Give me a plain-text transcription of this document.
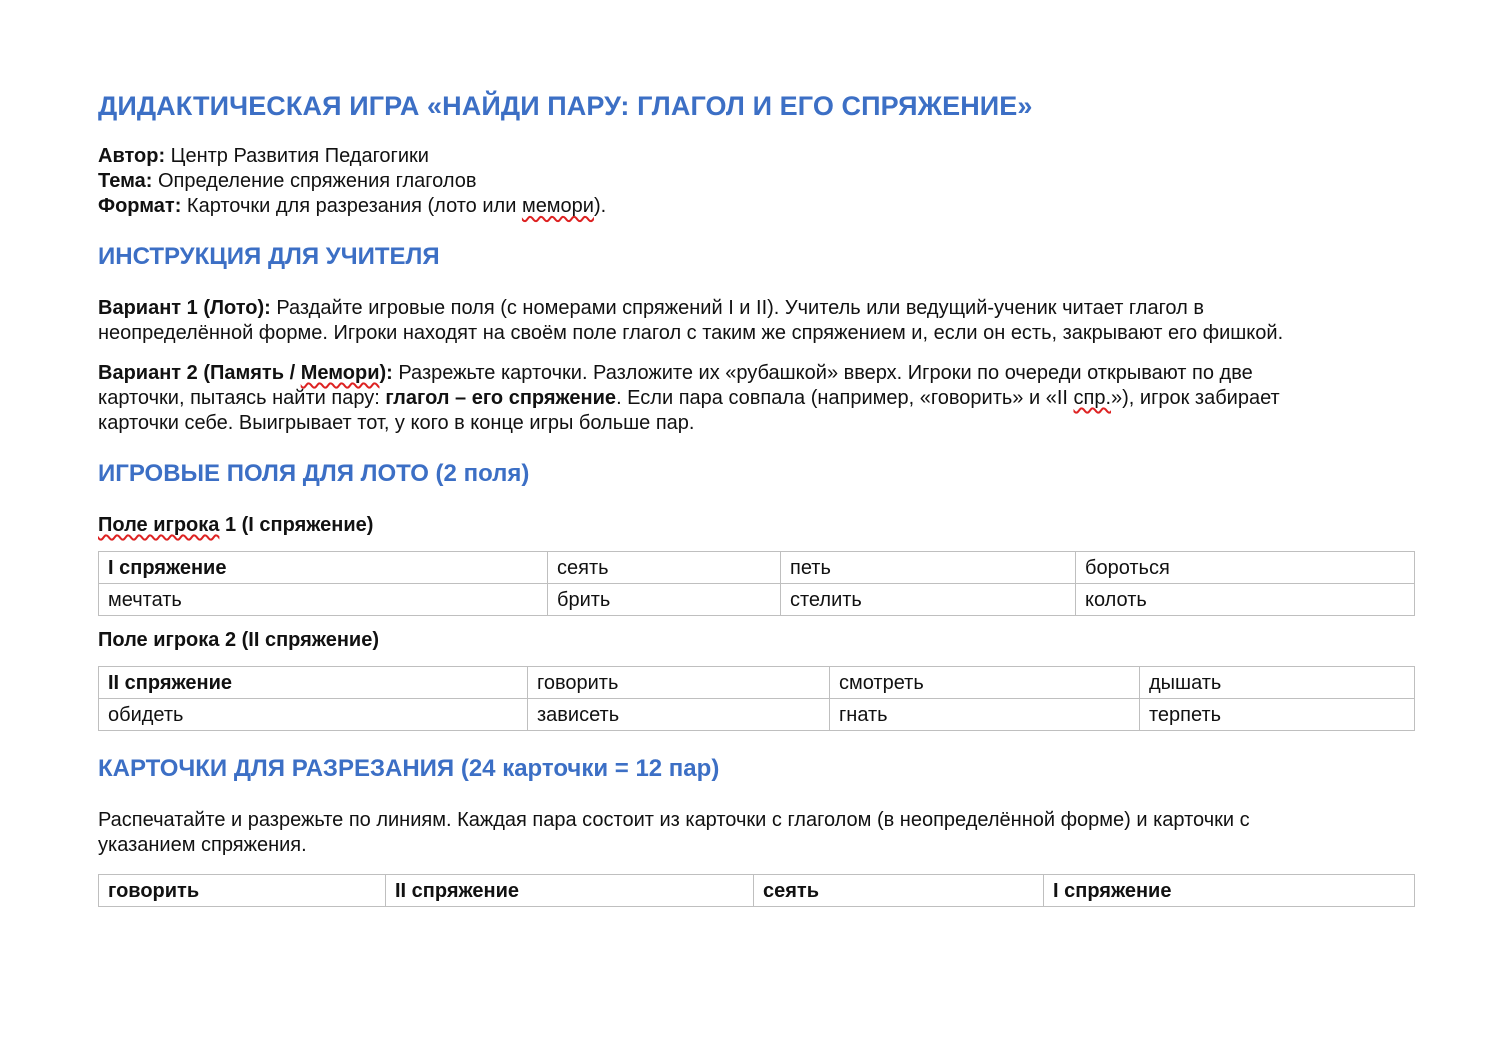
ДИДАКТИЧЕСКАЯ ИГРА «НАЙДИ ПАРУ: ГЛАГОЛ И ЕГО СПРЯЖЕНИЕ»
Автор: Центр Развития Педагогики
Тема: Определение спряжения глаголов
Формат: Карточки для разрезания (лото или мемори).
ИНСТРУКЦИЯ ДЛЯ УЧИТЕЛЯ

Вариант 1 (Лото): Раздайте игровые поля (с номерами спряжений I и II). Учитель или ведущий-ученик читает глагол в
неопределённой форме. Игроки находят на своём поле глагол с таким же спряжением и, если он есть, закрывают его фишкой.

Вариант 2 (Память / Мемори): Разрежьте карточки. Разложите их «рубашкой» вверх. Игроки по очереди открывают по две
карточки, пытаясь найти пару: глагол – его спряжение. Если пара совпала (например, «говорить» и «II спр.»), игрок забирает
карточки себе. Выигрывает тот, у кого в конце игры больше пар.

ИГРОВЫЕ ПОЛЯ ДЛЯ ЛОТО (2 поля)
Поле игрока 1 (I спряжение)
I спряжение	сеять	петь	бороться
мечтать	брить	стелить	колоть
Поле игрока 2 (II спряжение)
II спряжение	говорить	смотреть	дышать
обидеть	зависеть	гнать	терпеть
КАРТОЧКИ ДЛЯ РАЗРЕЗАНИЯ (24 карточки = 12 пар)

Распечатайте и разрежьте по линиям. Каждая пара состоит из карточки с глаголом (в неопределённой форме) и карточки с
указанием спряжения.

говорить	II спряжение	сеять	I спряжение
